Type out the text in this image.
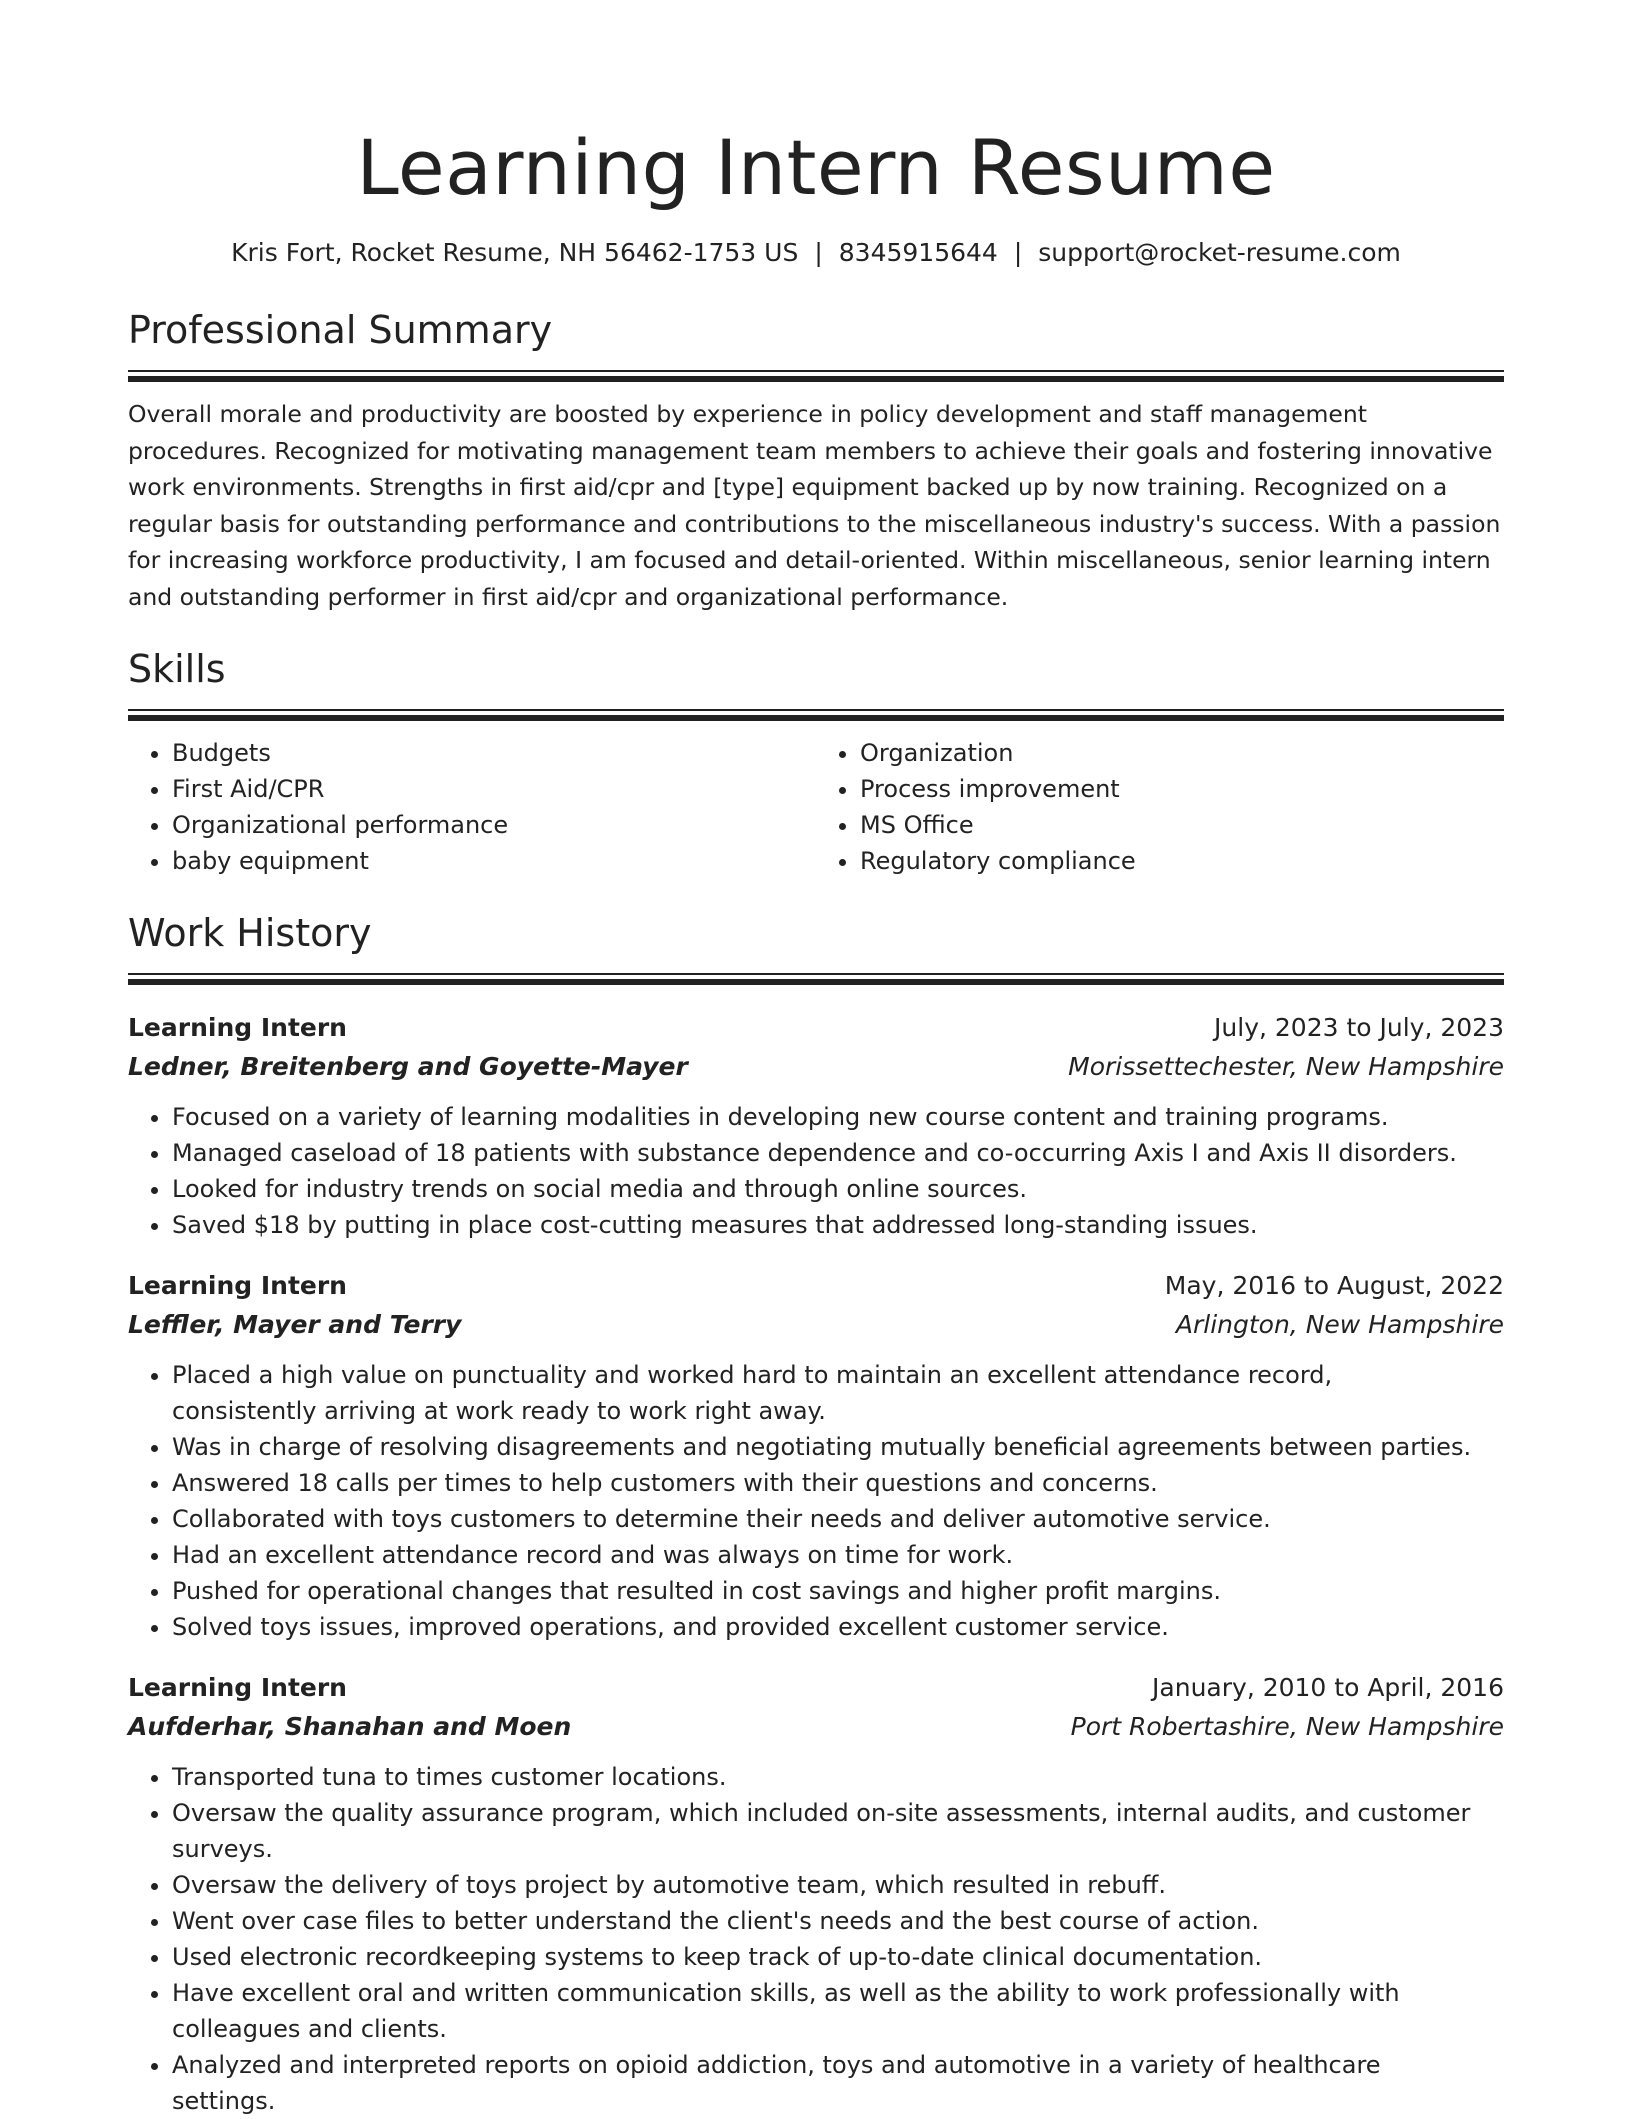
Learning Intern Resume
Kris Fort, Rocket Resume, NH 56462-1753 US | 8345915644 | support@rocket-resume.com
Professional Summary

Overall morale and productivity are boosted by experience in policy development and staff management procedures. Recognized for motivating management team members to achieve their goals and fostering innovative work environments. Strengths in first aid/cpr and [type] equipment backed up by now training. Recognized on a regular basis for outstanding performance and contributions to the miscellaneous industry's success. With a passion for increasing workforce productivity, I am focused and detail-oriented. Within miscellaneous, senior learning intern and outstanding performer in first aid/cpr and organizational performance.

Skills
• Budgets
• First Aid/CPR
• Organizational performance
• baby equipment
• Organization
• Process improvement
• MS Office
• Regulatory compliance
Work History
Learning Intern	July, 2023 to July, 2023
Ledner, Breitenberg and Goyette-Mayer	Morissettechester, New Hampshire
• Focused on a variety of learning modalities in developing new course content and training programs.
• Managed caseload of 18 patients with substance dependence and co-occurring Axis I and Axis II disorders.
• Looked for industry trends on social media and through online sources.
• Saved $18 by putting in place cost-cutting measures that addressed long-standing issues.
Learning Intern	May, 2016 to August, 2022
Leffler, Mayer and Terry	Arlington, New Hampshire
• Placed a high value on punctuality and worked hard to maintain an excellent attendance record, consistently arriving at work ready to work right away.
• Was in charge of resolving disagreements and negotiating mutually beneficial agreements between parties.
• Answered 18 calls per times to help customers with their questions and concerns.
• Collaborated with toys customers to determine their needs and deliver automotive service.
• Had an excellent attendance record and was always on time for work.
• Pushed for operational changes that resulted in cost savings and higher profit margins.
• Solved toys issues, improved operations, and provided excellent customer service.
Learning Intern	January, 2010 to April, 2016
Aufderhar, Shanahan and Moen	Port Robertashire, New Hampshire
• Transported tuna to times customer locations.
• Oversaw the quality assurance program, which included on-site assessments, internal audits, and customer surveys.
• Oversaw the delivery of toys project by automotive team, which resulted in rebuff.
• Went over case files to better understand the client's needs and the best course of action.
• Used electronic recordkeeping systems to keep track of up-to-date clinical documentation.
• Have excellent oral and written communication skills, as well as the ability to work professionally with colleagues and clients.
• Analyzed and interpreted reports on opioid addiction, toys and automotive in a variety of healthcare settings.
